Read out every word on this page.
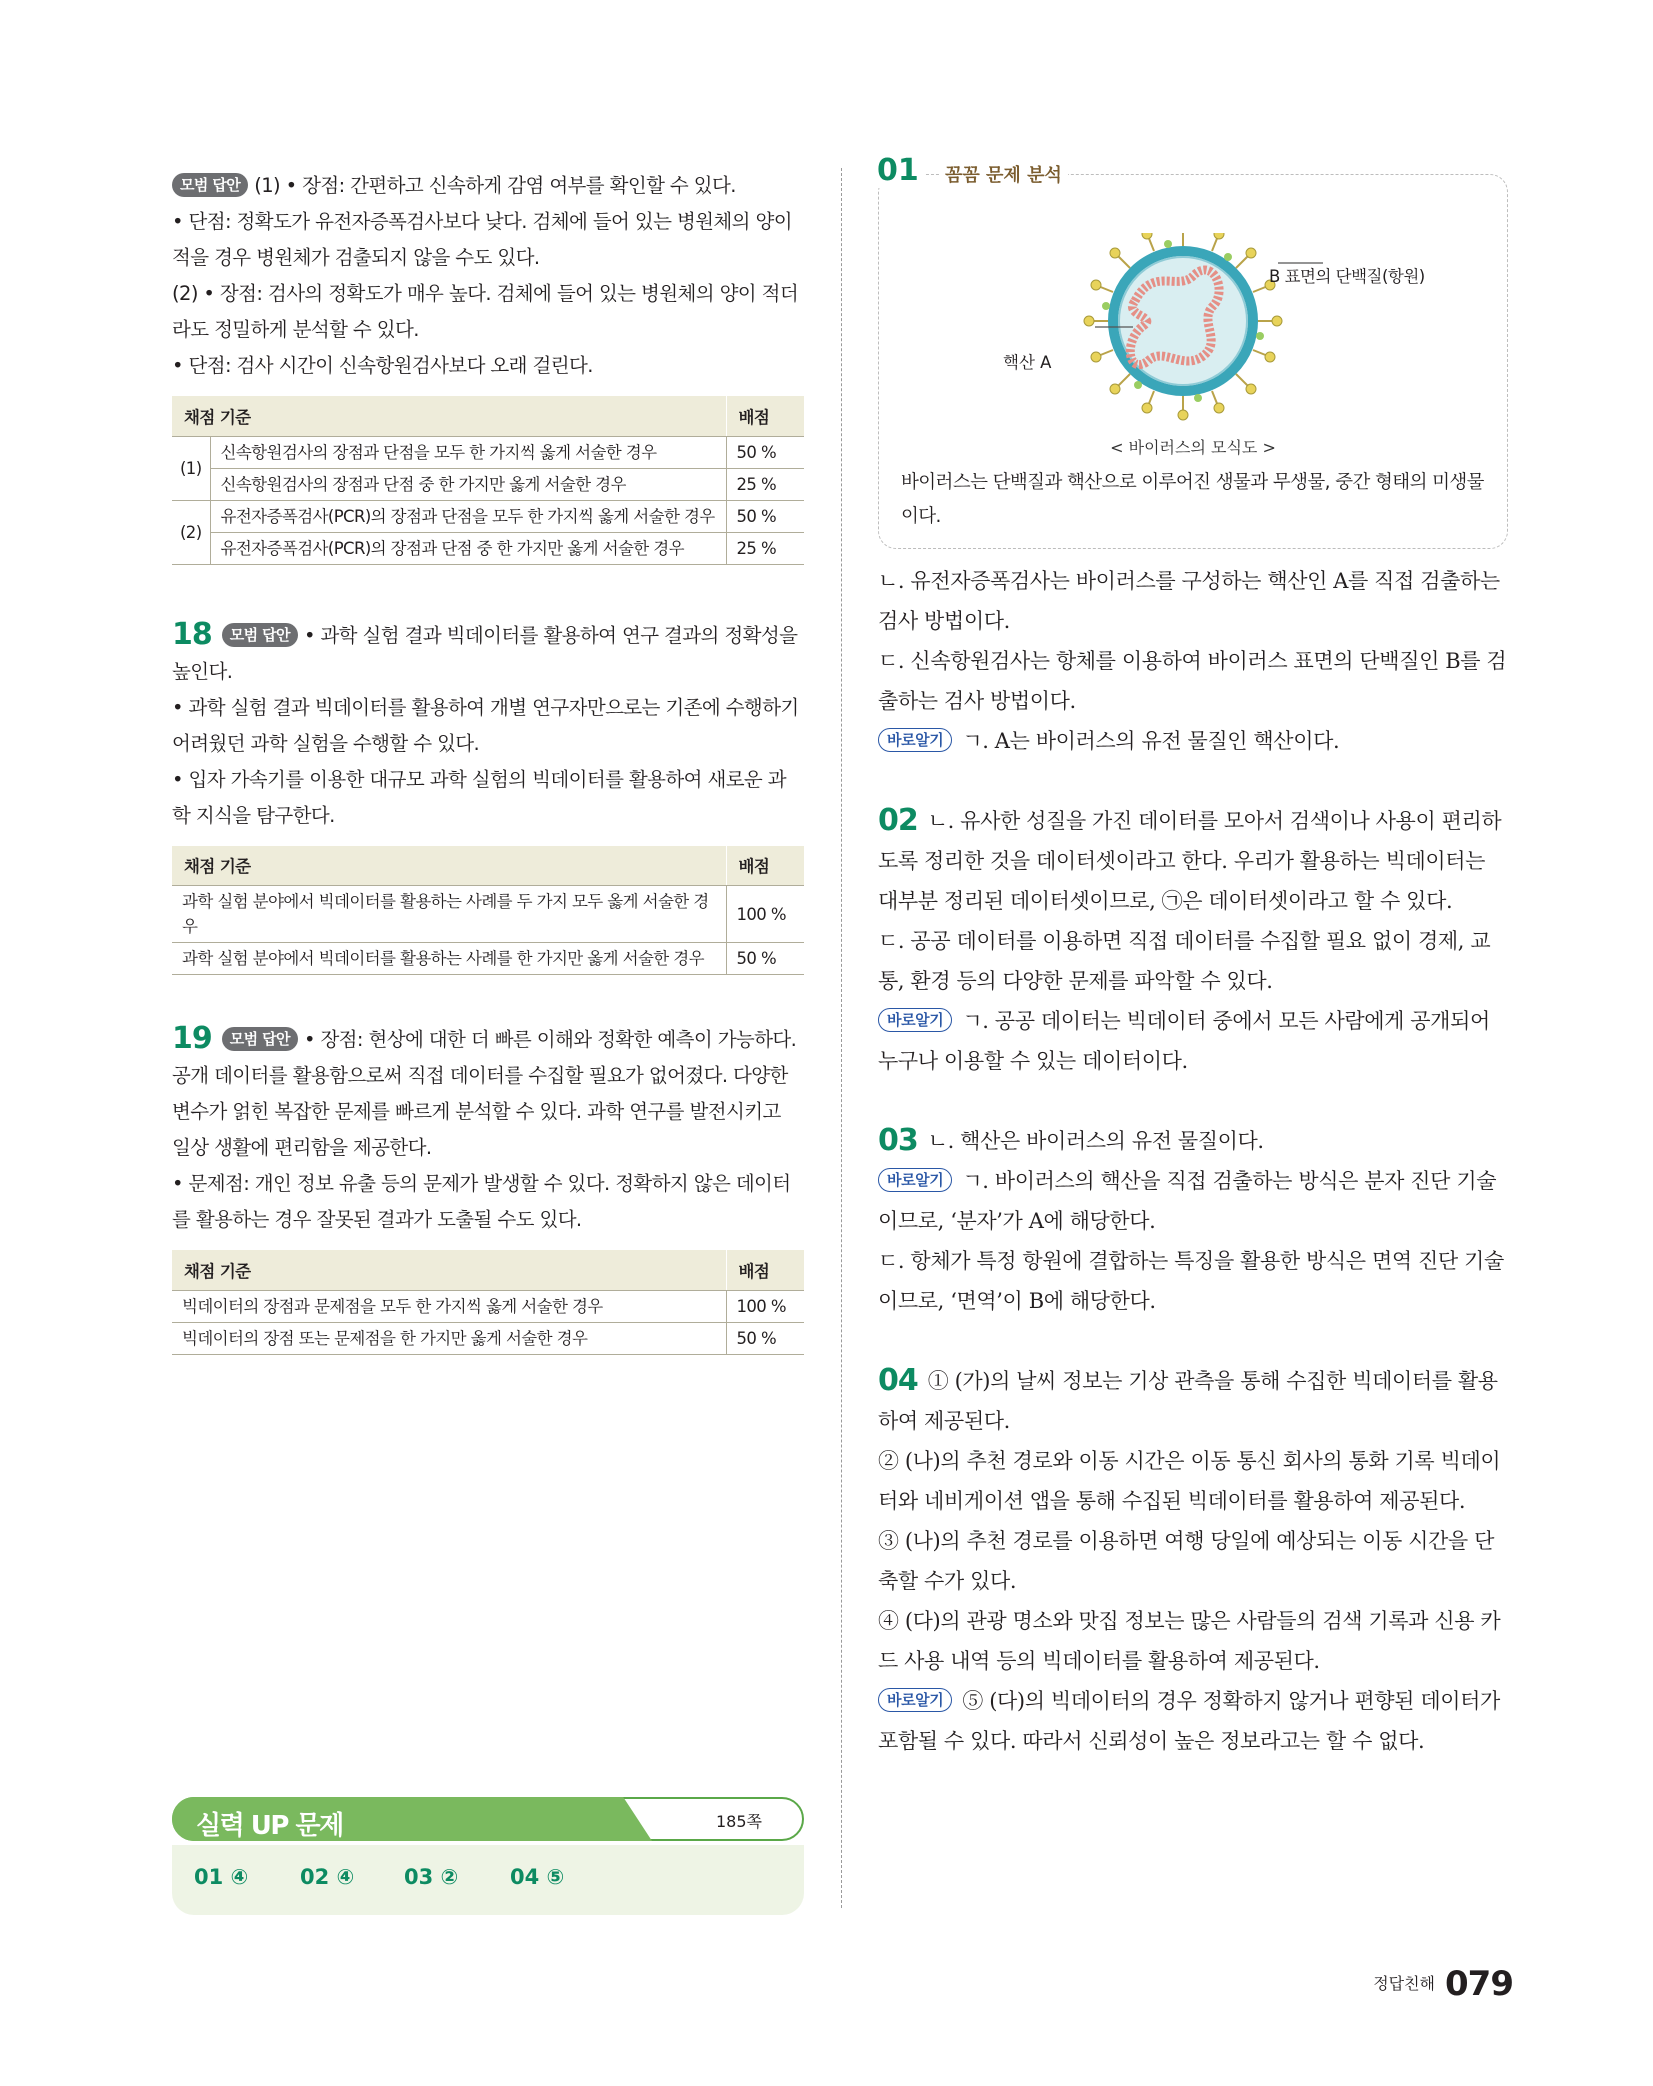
모범 답안 (1) • 장점: 간편하고 신속하게 감염 여부를 확인할 수 있다.
• 단점: 정확도가 유전자증폭검사보다 낮다. 검체에 들어 있는 병원체의 양이 적을 경우 병원체가 검출되지 않을 수도 있다.
(2) • 장점: 검사의 정확도가 매우 높다. 검체에 들어 있는 병원체의 양이 적더라도 정밀하게 분석할 수 있다.
• 단점: 검사 시간이 신속항원검사보다 오래 걸린다.
채점 기준		배점
(1)	신속항원검사의 장점과 단점을 모두 한 가지씩 옳게 서술한 경우	50 %
	신속항원검사의 장점과 단점 중 한 가지만 옳게 서술한 경우	25 %
(2)	유전자증폭검사(PCR)의 장점과 단점을 모두 한 가지씩 옳게 서술한 경우	50 %
	유전자증폭검사(PCR)의 장점과 단점 중 한 가지만 옳게 서술한 경우	25 %
18 모범 답안 • 과학 실험 결과 빅데이터를 활용하여 연구 결과의 정확성을 높인다.
• 과학 실험 결과 빅데이터를 활용하여 개별 연구자만으로는 기존에 수행하기 어려웠던 과학 실험을 수행할 수 있다.
• 입자 가속기를 이용한 대규모 과학 실험의 빅데이터를 활용하여 새로운 과학 지식을 탐구한다.
채점 기준	배점
과학 실험 분야에서 빅데이터를 활용하는 사례를 두 가지 모두 옳게 서술한 경우	100 %
과학 실험 분야에서 빅데이터를 활용하는 사례를 한 가지만 옳게 서술한 경우	50 %
19 모범 답안 • 장점: 현상에 대한 더 빠른 이해와 정확한 예측이 가능하다. 공개 데이터를 활용함으로써 직접 데이터를 수집할 필요가 없어졌다. 다양한 변수가 얽힌 복잡한 문제를 빠르게 분석할 수 있다. 과학 연구를 발전시키고 일상 생활에 편리함을 제공한다.
• 문제점: 개인 정보 유출 등의 문제가 발생할 수 있다. 정확하지 않은 데이터를 활용하는 경우 잘못된 결과가 도출될 수도 있다.
채점 기준	배점
빅데이터의 장점과 문제점을 모두 한 가지씩 옳게 서술한 경우	100 %
빅데이터의 장점 또는 문제점을 한 가지만 옳게 서술한 경우	50 %
실력 UP 문제	185쪽
01 ④ 02 ④ 03 ② 04 ⑤
01	꼼꼼 문제 분석
B 표면의 단백질(항원)
핵산 A
< 바이러스의 모식도 >
바이러스는 단백질과 핵산으로 이루어진 생물과 무생물, 중간 형태의 미생물이다.
ㄴ. 유전자증폭검사는 바이러스를 구성하는 핵산인 A를 직접 검출하는 검사 방법이다.
ㄷ. 신속항원검사는 항체를 이용하여 바이러스 표면의 단백질인 B를 검출하는 검사 방법이다.
바로알기 ㄱ. A는 바이러스의 유전 물질인 핵산이다.
02 ㄴ. 유사한 성질을 가진 데이터를 모아서 검색이나 사용이 편리하도록 정리한 것을 데이터셋이라고 한다. 우리가 활용하는 빅데이터는 대부분 정리된 데이터셋이므로, ㉠은 데이터셋이라고 할 수 있다.
ㄷ. 공공 데이터를 이용하면 직접 데이터를 수집할 필요 없이 경제, 교통, 환경 등의 다양한 문제를 파악할 수 있다.
바로알기 ㄱ. 공공 데이터는 빅데이터 중에서 모든 사람에게 공개되어 누구나 이용할 수 있는 데이터이다.
03 ㄴ. 핵산은 바이러스의 유전 물질이다.
바로알기 ㄱ. 바이러스의 핵산을 직접 검출하는 방식은 분자 진단 기술이므로, ‘분자’가 A에 해당한다.
ㄷ. 항체가 특정 항원에 결합하는 특징을 활용한 방식은 면역 진단 기술이므로, ‘면역’이 B에 해당한다.
04 ① (가)의 날씨 정보는 기상 관측을 통해 수집한 빅데이터를 활용하여 제공된다.
② (나)의 추천 경로와 이동 시간은 이동 통신 회사의 통화 기록 빅데이터와 네비게이션 앱을 통해 수집된 빅데이터를 활용하여 제공된다.
③ (나)의 추천 경로를 이용하면 여행 당일에 예상되는 이동 시간을 단축할 수가 있다.
④ (다)의 관광 명소와 맛집 정보는 많은 사람들의 검색 기록과 신용 카드 사용 내역 등의 빅데이터를 활용하여 제공된다.
바로알기 ⑤ (다)의 빅데이터의 경우 정확하지 않거나 편향된 데이터가 포함될 수 있다. 따라서 신뢰성이 높은 정보라고는 할 수 없다.
정답친해 079
